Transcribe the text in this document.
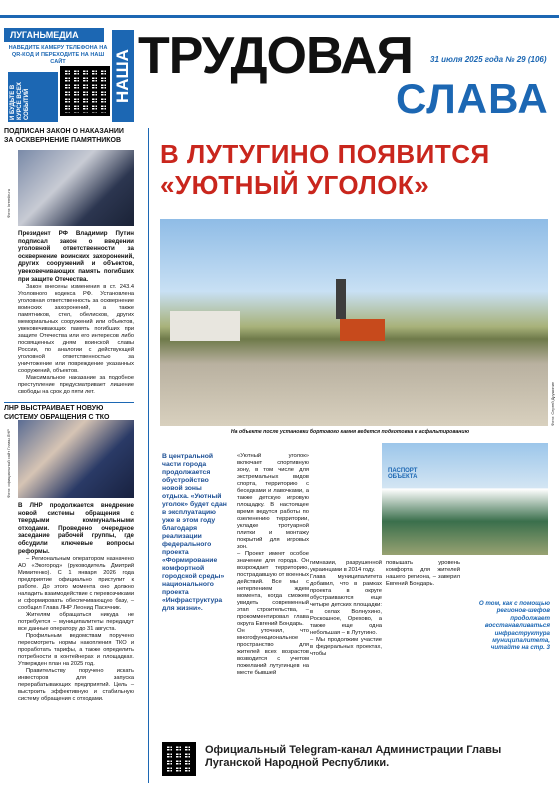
ЛУГАНЬМЕДИА
НАВЕДИТЕ КАМЕРУ ТЕЛЕФОНА НА QR-КОД И ПЕРЕХОДИТЕ НА НАШ САЙТ
И БУДЬТЕ В КУРСЕ ВСЕХ СОБЫТИЙ
НАША ТРУДОВАЯ
СЛАВА
31 июля 2025 года № 29 (106)
ПОДПИСАН ЗАКОН О НАКАЗАНИИ ЗА ОСКВЕРНЕНИЕ ПАМЯТНИКОВ
Фото: kremlin.ru
Президент РФ Владимир Путин подписал закон о введении уголовной ответственности за осквернение воинских захоронений, других сооружений и объектов, увековечивающих память погибших при защите Отечества.
Закон внесены изменения в ст. 243.4 Уголовного кодекса РФ. Установлена уголовная ответственность за осквернение воинских захоронений, а также памятников, стел, обелисков, других мемориальных сооружений или объектов, увековечивающих память погибших при защите Отечества или его интересов либо посвященных дням воинской славы России, по аналогии с действующей уголовной ответственностью за уничтожение или повреждение указанных сооружений, объектов.
Максимальное наказание за подобное преступление предусматривает лишение свободы на срок до пяти лет.
ЛНР ВЫСТРАИВАЕТ НОВУЮ СИСТЕМУ ОБРАЩЕНИЯ С ТКО
Фото: официальный сайт Главы ЛНР
В ЛНР продолжается внедрение новой системы обращения с твердыми коммунальными отходами. Проведено очередное заседание рабочей группы, где обсудили ключевые вопросы реформы.
– Региональным оператором назначено АО «Экогород» (руководитель Дмитрий Мимитенко). С 1 января 2026 года предприятие официально приступит к работе. До этого момента оно должно наладить взаимодействие с перевозчиками и сформировать обеспечивающую базу, – сообщил Глава ЛНР Леонид Пасечник.
Жителям обращаться никуда не потребуется – муниципалитеты передадут все данные оператору до 31 августа.
Профильным ведомствам поручено пересмотреть нормы накопления ТКО и проработать тарифы, а также определить потребности в контейнерах и площадках. Утвержден план на 2025 год.
Правительству поручено искать инвесторов для запуска перерабатывающих предприятий. Цель – выстроить эффективную и стабильную систему обращения с отходами.
В ЛУТУГИНО ПОЯВИТСЯ «УЮТНЫЙ УГОЛОК»
Фото: Сергей Дружинин
На объекте после установки бортового камня ведется подготовка к асфальтированию
ПАСПОРТ ОБЪЕКТА
В центральной части города продолжается обустройство новой зоны отдыха. «Уютный уголок» будет сдан в эксплуатацию уже в этом году благодаря реализации федерального проекта «Формирование комфортной городской среды» национального проекта «Инфраструктура для жизни».
«Уютный уголок» включает спортивную зону, в том числе для экстремальных видов спорта, территорию с беседками и лавочками, а также детскую игровую площадку. В настоящее время ведутся работы по озеленению территории, укладке тротуарной плитки и монтажу покрытий для игровых зон.
– Проект имеет особое значение для города. Он возрождает территорию, пострадавшую от военных действий. Все мы с нетерпением ждем момента, когда сможем увидеть современный этап строительства, – прокомментировал глава округа Евгений Бондарь.
Он уточнил, что многофункциональное пространство для жителей всех возрастов возводится с учетом пожеланий лутугинцев на месте бывшей
гимназии, разрушенной украинцами в 2014 году.
Глава муниципалитета добавил, что в рамках проекта в округе обустраиваются еще четыре детских площадки: в селах Волнухино, Роскошное, Орехово, а также еще одна небольшая – в Лутугино.
– Мы продолжим участие в федеральных проектах, чтобы
повышать уровень комфорта для жителей нашего региона, – заверил Евгений Бондарь.
О том, как с помощью регионов-шефов продолжает восстанавливаться инфраструктура муниципалитета, читайте на стр. 3
Официальный Telegram-канал Администрации Главы Луганской Народной Республики.
